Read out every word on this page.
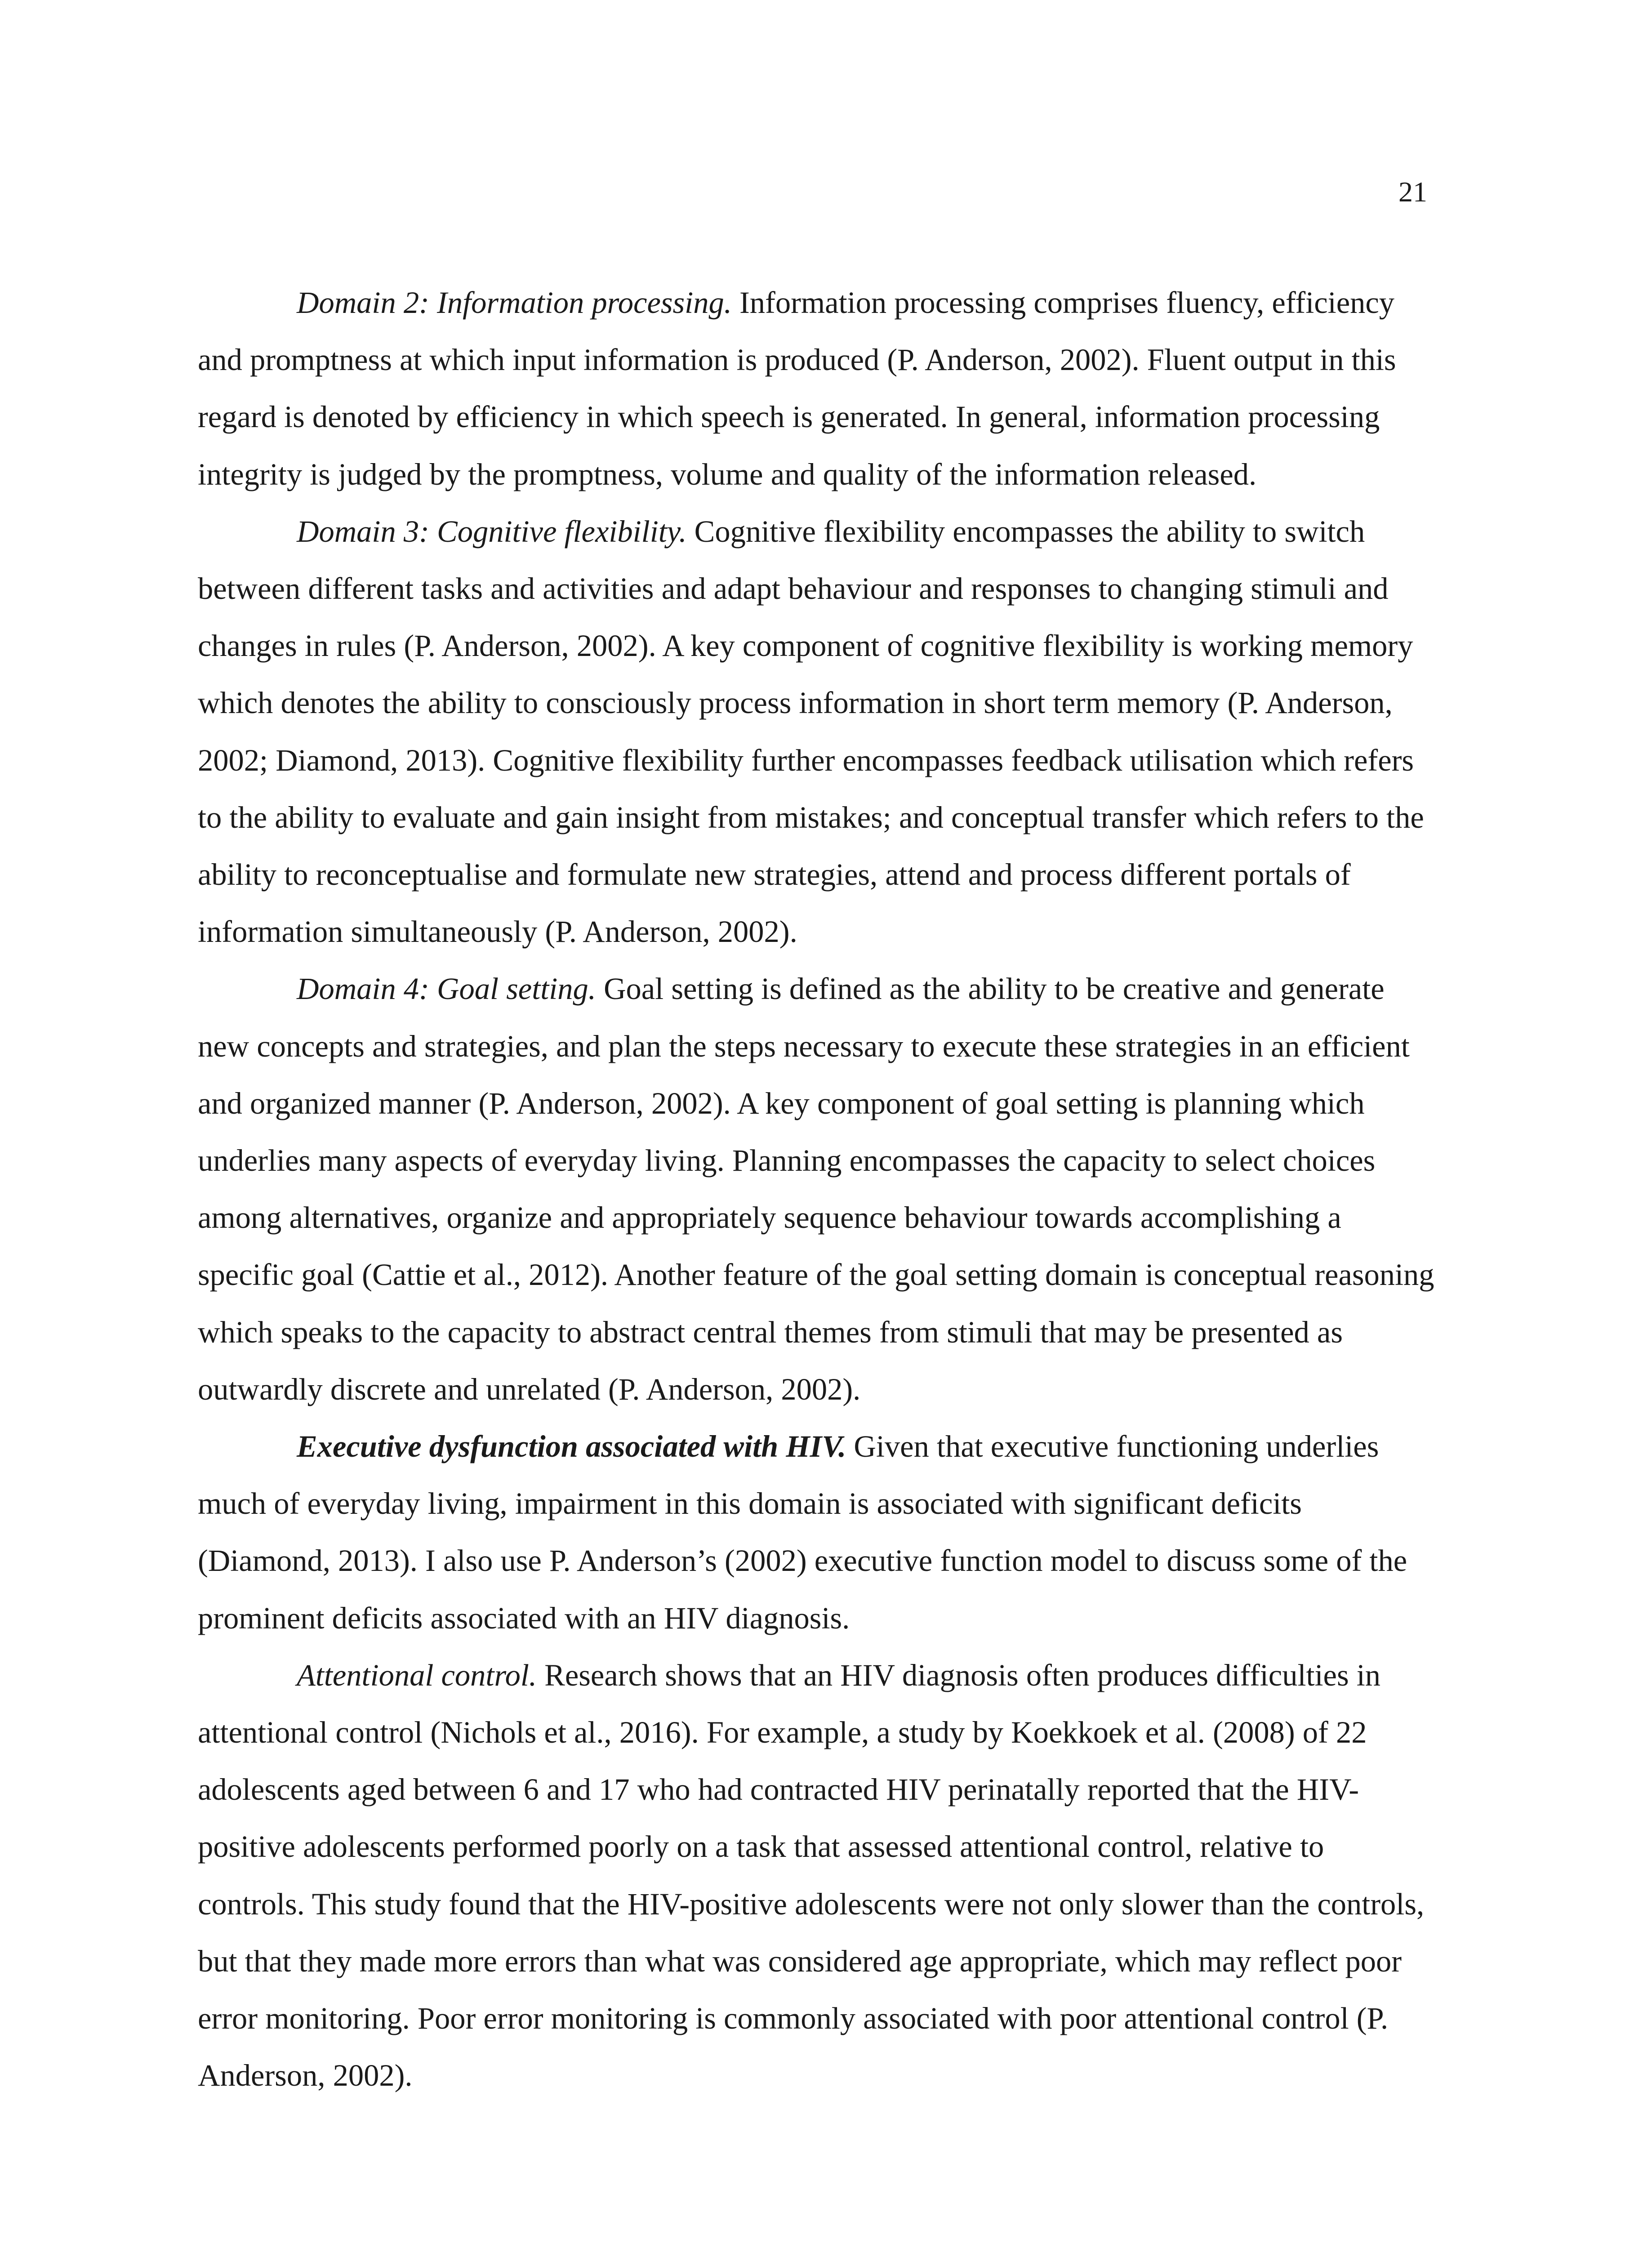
21

Domain 2: Information processing. Information processing comprises fluency, efficiency and promptness at which input information is produced (P. Anderson, 2002). Fluent output in this regard is denoted by efficiency in which speech is generated. In general, information processing integrity is judged by the promptness, volume and quality of the information released.

Domain 3: Cognitive flexibility. Cognitive flexibility encompasses the ability to switch between different tasks and activities and adapt behaviour and responses to changing stimuli and changes in rules (P. Anderson, 2002). A key component of cognitive flexibility is working memory which denotes the ability to consciously process information in short term memory (P. Anderson, 2002; Diamond, 2013). Cognitive flexibility further encompasses feedback utilisation which refers to the ability to evaluate and gain insight from mistakes; and conceptual transfer which refers to the ability to reconceptualise and formulate new strategies, attend and process different portals of information simultaneously (P. Anderson, 2002).

Domain 4: Goal setting. Goal setting is defined as the ability to be creative and generate new concepts and strategies, and plan the steps necessary to execute these strategies in an efficient and organized manner (P. Anderson, 2002). A key component of goal setting is planning which underlies many aspects of everyday living. Planning encompasses the capacity to select choices among alternatives, organize and appropriately sequence behaviour towards accomplishing a specific goal (Cattie et al., 2012). Another feature of the goal setting domain is conceptual reasoning which speaks to the capacity to abstract central themes from stimuli that may be presented as outwardly discrete and unrelated (P. Anderson, 2002).

Executive dysfunction associated with HIV. Given that executive functioning underlies much of everyday living, impairment in this domain is associated with significant deficits (Diamond, 2013). I also use P. Anderson’s (2002) executive function model to discuss some of the prominent deficits associated with an HIV diagnosis.

Attentional control. Research shows that an HIV diagnosis often produces difficulties in attentional control (Nichols et al., 2016). For example, a study by Koekkoek et al. (2008) of 22 adolescents aged between 6 and 17 who had contracted HIV perinatally reported that the HIV-positive adolescents performed poorly on a task that assessed attentional control, relative to controls. This study found that the HIV-positive adolescents were not only slower than the controls, but that they made more errors than what was considered age appropriate, which may reflect poor error monitoring. Poor error monitoring is commonly associated with poor attentional control (P. Anderson, 2002).
